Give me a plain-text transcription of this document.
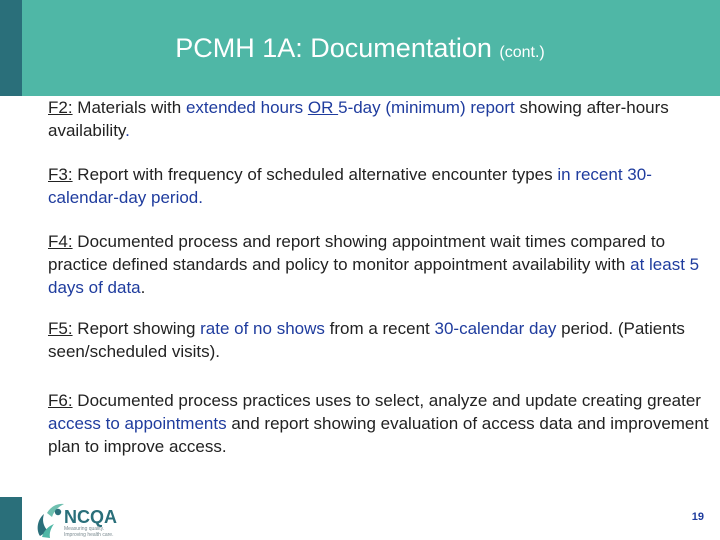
PCMH 1A: Documentation (cont.)

F2: Materials with extended hours OR 5-day (minimum) report showing after-hours availability.

F3: Report with frequency of scheduled alternative encounter types in recent 30-calendar-day period.

F4: Documented process and report showing appointment wait times compared to practice defined standards and policy to monitor appointment availability with at least 5 days of data.

F5: Report showing rate of no shows from a recent 30-calendar day period. (Patients seen/scheduled visits).

F6: Documented process practices uses to select, analyze and update creating greater access to appointments and report showing evaluation of access data and improvement plan to improve access.

NCQA
Measuring quality.
Improving health care.
19
